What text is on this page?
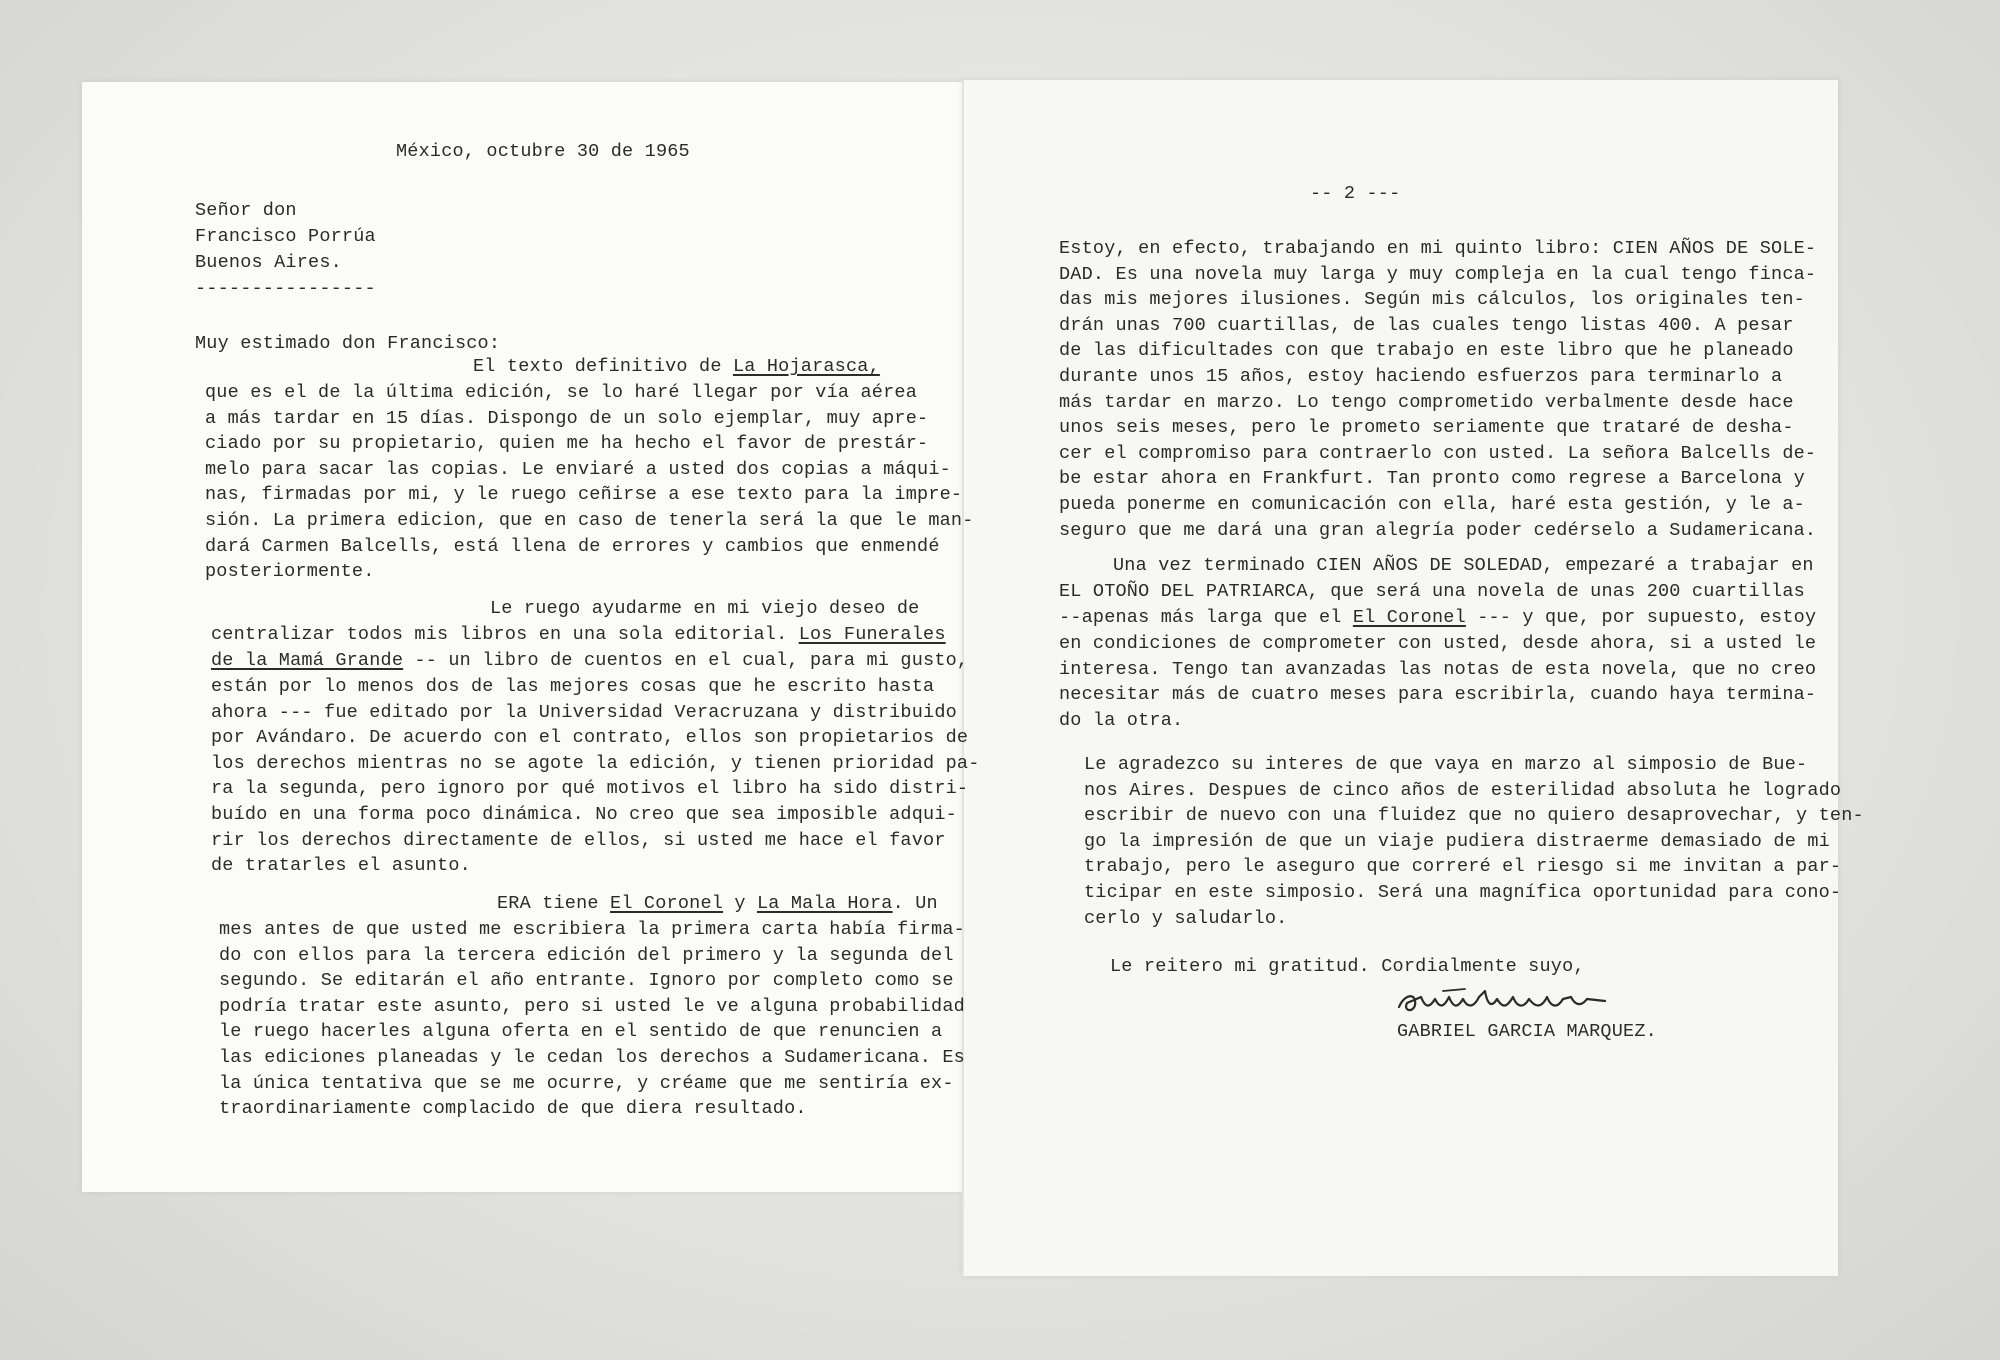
México, octubre 30 de 1965
Señor don
Francisco Porrúa
Buenos Aires.
----------------
Muy estimado don Francisco:
El texto definitivo de La Hojarasca,
que es el de la última edición, se lo haré llegar por vía aérea
a más tardar en 15 días. Dispongo de un solo ejemplar, muy apre-
ciado por su propietario, quien me ha hecho el favor de prestár-
melo para sacar las copias. Le enviaré a usted dos copias a máqui-
nas, firmadas por mi, y le ruego ceñirse a ese texto para la impre-
sión. La primera edicion, que en caso de tenerla será la que le man-
dará Carmen Balcells, está llena de errores y cambios que enmendé
posteriormente.
Le ruego ayudarme en mi viejo deseo de
centralizar todos mis libros en una sola editorial. Los Funerales
de la Mamá Grande -- un libro de cuentos en el cual, para mi gusto,
están por lo menos dos de las mejores cosas que he escrito hasta
ahora --- fue editado por la Universidad Veracruzana y distribuido
por Avándaro. De acuerdo con el contrato, ellos son propietarios de
los derechos mientras no se agote la edición, y tienen prioridad pa-
ra la segunda, pero ignoro por qué motivos el libro ha sido distri-
buído en una forma poco dinámica. No creo que sea imposible adqui-
rir los derechos directamente de ellos, si usted me hace el favor
de tratarles el asunto.
ERA tiene El Coronel y La Mala Hora. Un
mes antes de que usted me escribiera la primera carta había firma-
do con ellos para la tercera edición del primero y la segunda del
segundo. Se editarán el año entrante. Ignoro por completo como se
podría tratar este asunto, pero si usted le ve alguna probabilidad
le ruego hacerles alguna oferta en el sentido de que renuncien a
las ediciones planeadas y le cedan los derechos a Sudamericana. Es
la única tentativa que se me ocurre, y créame que me sentiría ex-
traordinariamente complacido de que diera resultado.
-- 2 ---
Estoy, en efecto, trabajando en mi quinto libro: CIEN AÑOS DE SOLE-
DAD. Es una novela muy larga y muy compleja en la cual tengo finca-
das mis mejores ilusiones. Según mis cálculos, los originales ten-
drán unas 700 cuartillas, de las cuales tengo listas 400. A pesar
de las dificultades con que trabajo en este libro que he planeado
durante unos 15 años, estoy haciendo esfuerzos para terminarlo a
más tardar en marzo. Lo tengo comprometido verbalmente desde hace
unos seis meses, pero le prometo seriamente que trataré de desha-
cer el compromiso para contraerlo con usted. La señora Balcells de-
be estar ahora en Frankfurt. Tan pronto como regrese a Barcelona y
pueda ponerme en comunicación con ella, haré esta gestión, y le a-
seguro que me dará una gran alegría poder cedérselo a Sudamericana.
Una vez terminado CIEN AÑOS DE SOLEDAD, empezaré a trabajar en
EL OTOÑO DEL PATRIARCA, que será una novela de unas 200 cuartillas
--apenas más larga que el El Coronel --- y que, por supuesto, estoy
en condiciones de comprometer con usted, desde ahora, si a usted le
interesa. Tengo tan avanzadas las notas de esta novela, que no creo
necesitar más de cuatro meses para escribirla, cuando haya termina-
do la otra.
Le agradezco su interes de que vaya en marzo al simposio de Bue-
nos Aires. Despues de cinco años de esterilidad absoluta he logrado
escribir de nuevo con una fluidez que no quiero desaprovechar, y ten-
go la impresión de que un viaje pudiera distraerme demasiado de mi
trabajo, pero le aseguro que correré el riesgo si me invitan a par-
ticipar en este simposio. Será una magnífica oportunidad para cono-
cerlo y saludarlo.
Le reitero mi gratitud. Cordialmente suyo,
GABRIEL GARCIA MARQUEZ.
